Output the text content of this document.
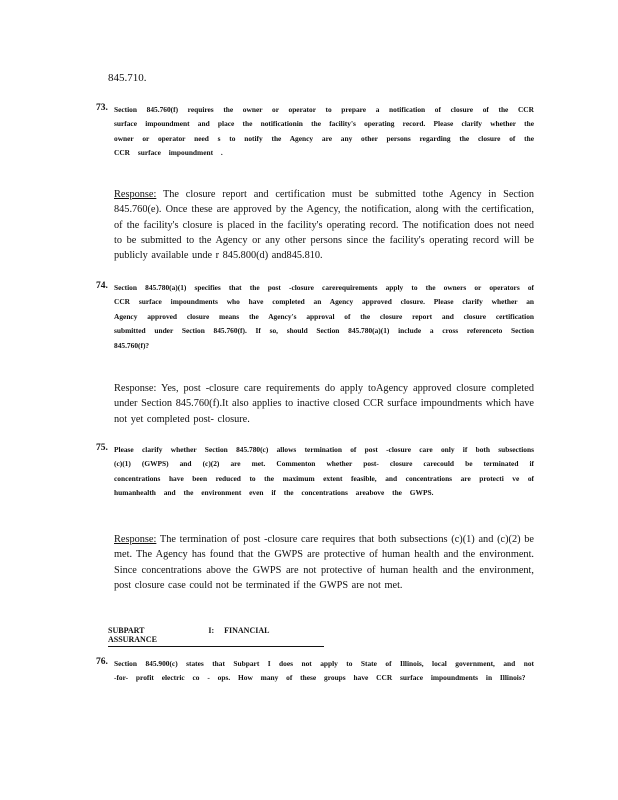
845.710.
73. Section 845.760(f) requires the owner or operator to prepare a notification of closure of the CCR surface impoundment and place the notificationin the facility's operating record. Please clarify whether the owner or operator need s to notify the Agency are any other persons regarding the closure of the CCR surface impoundment .
Response: The closure report and certification must be submitted tothe Agency in Section 845.760(e). Once these are approved by the Agency, the notification, along with the certification, of the facility's closure is placed in the facility's operating record. The notification does not need to be submitted to the Agency or any other persons since the facility's operating record will be publicly available unde r 845.800(d) and845.810.
74. Section 845.780(a)(1) specifies that the post -closure carerequirements apply to the owners or operators of CCR surface impoundments who have completed an Agency approved closure. Please clarify whether an Agency approved closure means the Agency's approval of the closure report and closure certification submitted under Section 845.760(f). If so, should Section 845.780(a)(1) include a cross referenceto Section 845.760(f)?
Response: Yes, post -closure care requirements do apply toAgency approved closure completed under Section 845.760(f).It also applies to inactive closed CCR surface impoundments which have not yet completed post- closure.
75. Please clarify whether Section 845.780(c) allows termination of post -closure care only if both subsections (c)(1) (GWPS) and (c)(2) are met. Commenton whether post- closure carecould be terminated if concentrations have been reduced to the maximum extent feasible, and concentrations are protecti ve of humanhealth and the environment even if the concentrations areabove the GWPS.
Response: The termination of post -closure care requires that both subsections (c)(1) and (c)(2) be met. The Agency has found that the GWPS are protective of human health and the environment. Since concentrations above the GWPS are not protective of human health and the environment, post closure case could not be terminated if the GWPS are not met.
SUBPART	I: FINANCIAL ASSURANCE
76. Section 845.900(c) states that Subpart I does not apply to State of Illinois, local government, and not -for- profit electric co - ops. How many of these groups have CCR surface impoundments in Illinois?
